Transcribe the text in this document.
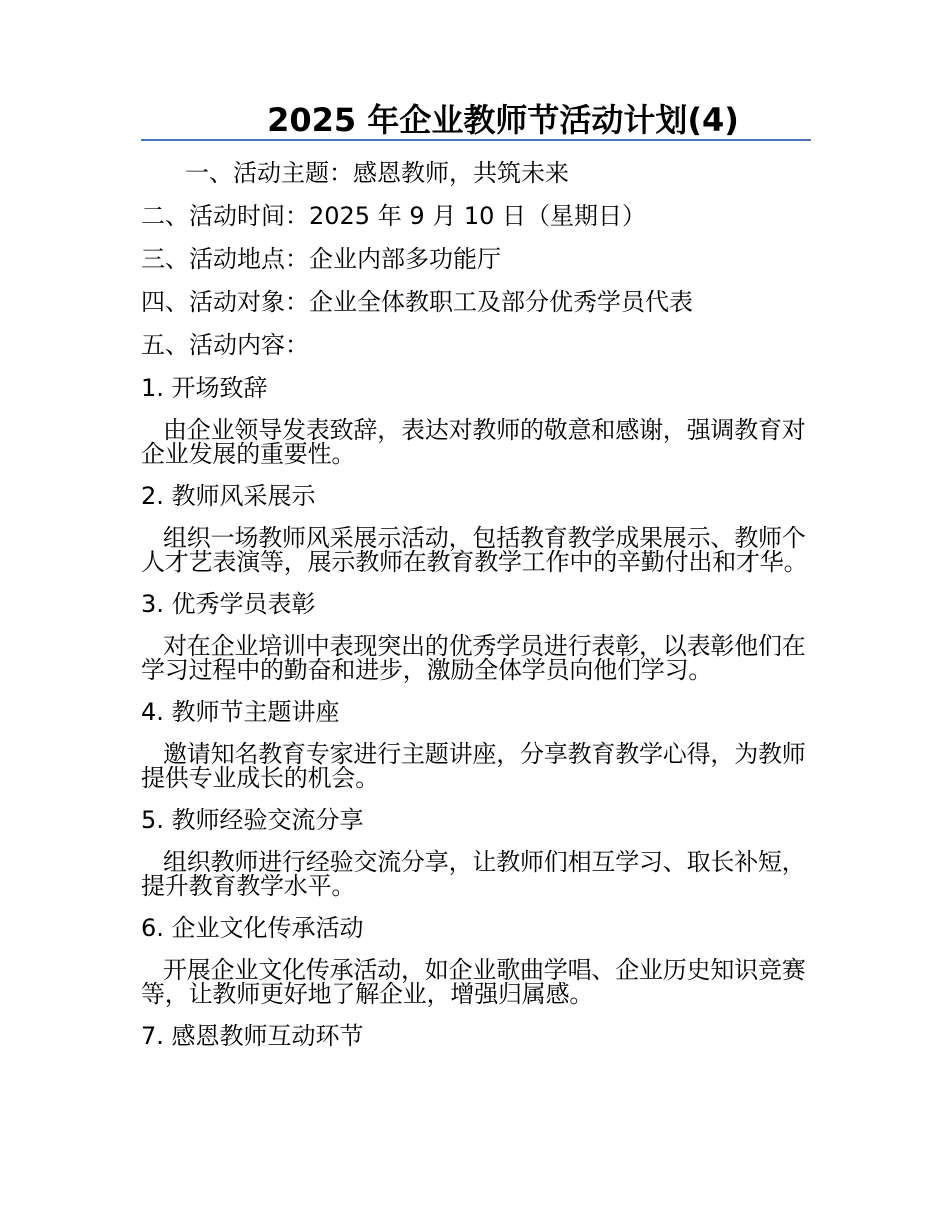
2025 年企业教师节活动计划(4)

一、活动主题：感恩教师，共筑未来

二、活动时间：2025 年 9 月 10 日（星期日）

三、活动地点：企业内部多功能厅

四、活动对象：企业全体教职工及部分优秀学员代表

五、活动内容：

1. 开场致辞

由企业领导发表致辞，表达对教师的敬意和感谢，强调教育对企业发展的重要性。

2. 教师风采展示

组织一场教师风采展示活动，包括教育教学成果展示、教师个人才艺表演等，展示教师在教育教学工作中的辛勤付出和才华。

3. 优秀学员表彰

对在企业培训中表现突出的优秀学员进行表彰，以表彰他们在学习过程中的勤奋和进步，激励全体学员向他们学习。

4. 教师节主题讲座

邀请知名教育专家进行主题讲座，分享教育教学心得，为教师提供专业成长的机会。

5. 教师经验交流分享

组织教师进行经验交流分享，让教师们相互学习、取长补短，提升教育教学水平。

6. 企业文化传承活动

开展企业文化传承活动，如企业歌曲学唱、企业历史知识竞赛等，让教师更好地了解企业，增强归属感。

7. 感恩教师互动环节
